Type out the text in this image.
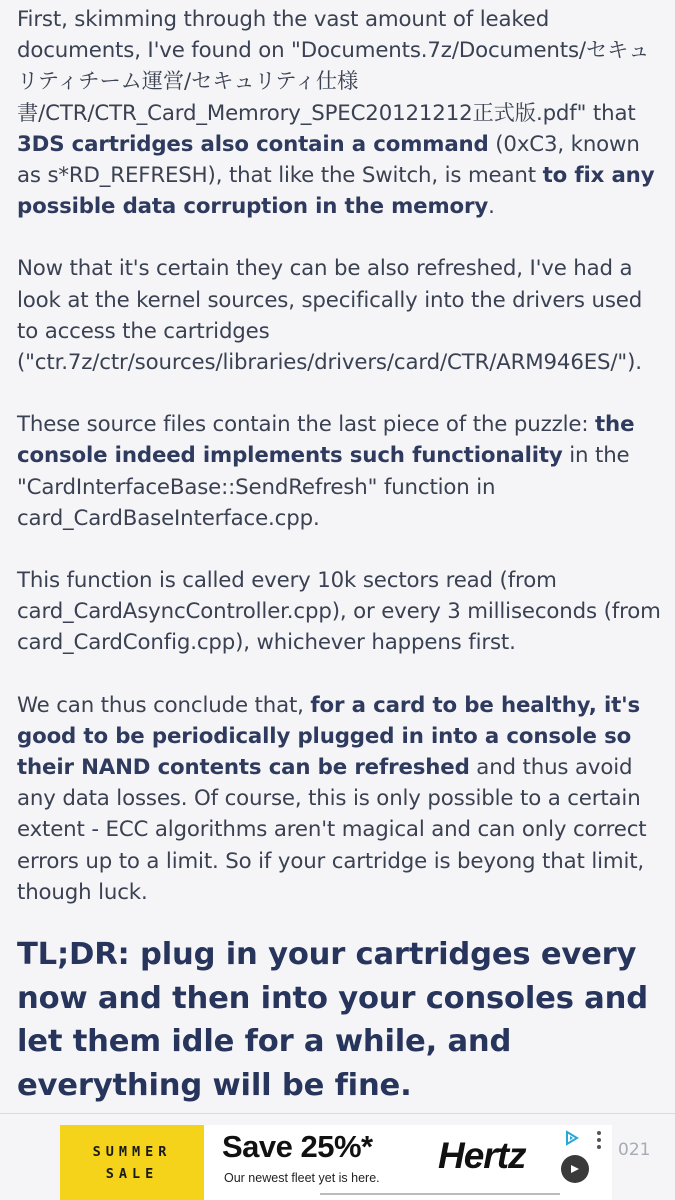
First, skimming through the vast amount of leaked documents, I've found on "Documents.7z/Documents/セキュリティチーム運営/セキュリティ仕様書/CTR/CTR_Card_Memrory_SPEC20121212正式版.pdf" that 3DS cartridges also contain a command (0xC3, known as s*RD_REFRESH), that like the Switch, is meant to fix any possible data corruption in the memory.

Now that it's certain they can be also refreshed, I've had a look at the kernel sources, specifically into the drivers used to access the cartridges ("ctr.7z/ctr/sources/libraries/drivers/card/CTR/ARM946ES/").

These source files contain the last piece of the puzzle: the console indeed implements such functionality in the "CardInterfaceBase::SendRefresh" function in card_CardBaseInterface.cpp.

This function is called every 10k sectors read (from card_CardAsyncController.cpp), or every 3 milliseconds (from card_CardConfig.cpp), whichever happens first.

We can thus conclude that, for a card to be healthy, it's good to be periodically plugged in into a console so their NAND contents can be refreshed and thus avoid any data losses. Of course, this is only possible to a certain extent - ECC algorithms aren't magical and can only correct errors up to a limit. So if your cartridge is beyong that limit, though luck.

TL;DR: plug in your cartridges every now and then into your consoles and let them idle for a while, and everything will be fine.
SUMMER
SALE
Save 25%*
Our newest fleet yet is here.
Hertz	021
